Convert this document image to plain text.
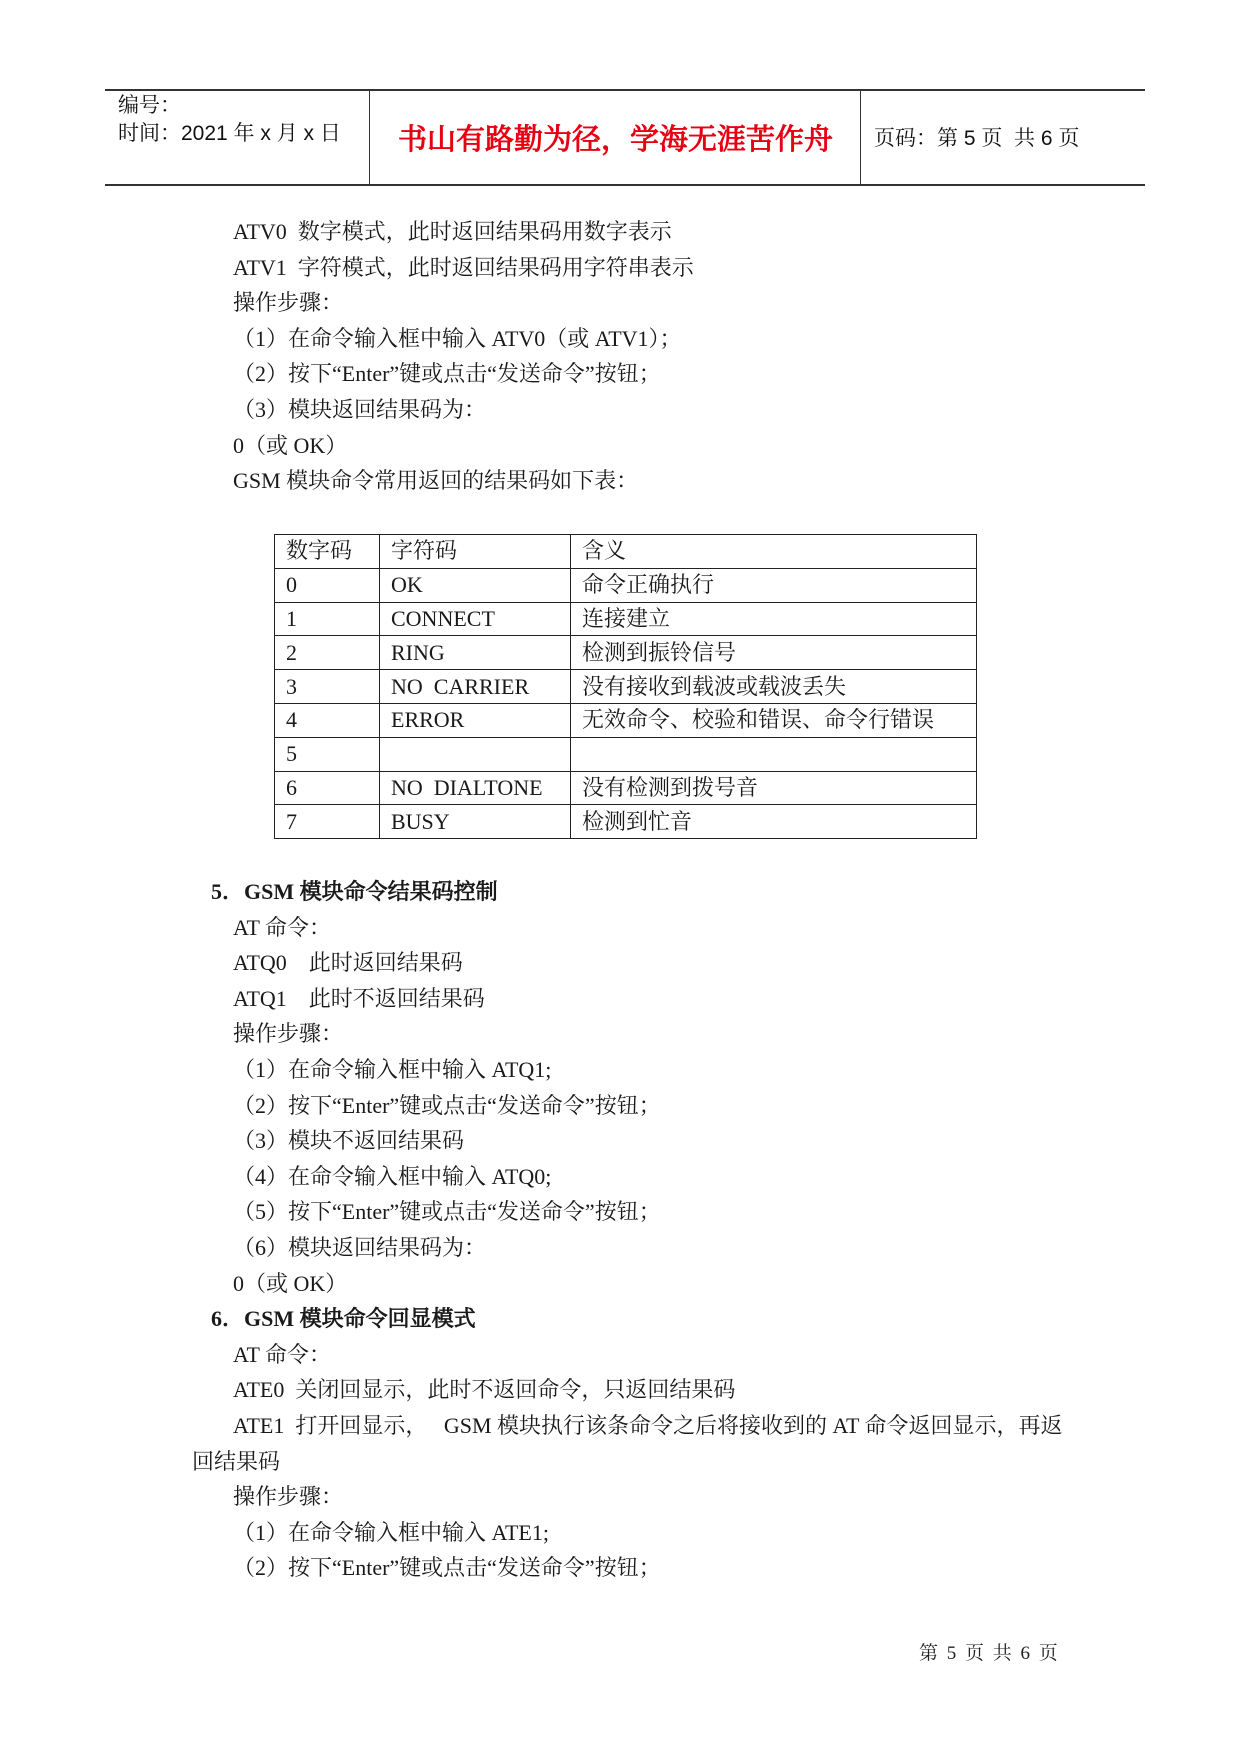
编号：
时间：2021 年 x 月 x 日	书山有路勤为径，学海无涯苦作舟	页码：第 5 页  共 6 页
ATV0  数字模式，此时返回结果码用数字表示
ATV1  字符模式，此时返回结果码用字符串表示
操作步骤：
（1）在命令输入框中输入 ATV0（或 ATV1）；
（2）按下“Enter”键或点击“发送命令”按钮；
（3）模块返回结果码为：
0（或 OK）
GSM 模块命令常用返回的结果码如下表：
数字码	字符码	含义
0	OK	命令正确执行
1	CONNECT	连接建立
2	RING	检测到振铃信号
3	NO  CARRIER	没有接收到载波或载波丢失
4	ERROR	无效命令、校验和错误、命令行错误
5		
6	NO  DIALTONE	没有检测到拨号音
7	BUSY	检测到忙音
5．GSM 模块命令结果码控制
AT 命令：
ATQ0    此时返回结果码
ATQ1    此时不返回结果码
操作步骤：
（1）在命令输入框中输入 ATQ1;
（2）按下“Enter”键或点击“发送命令”按钮；
（3）模块不返回结果码
（4）在命令输入框中输入 ATQ0;
（5）按下“Enter”键或点击“发送命令”按钮；
（6）模块返回结果码为：
0（或 OK）
6．GSM 模块命令回显模式
AT 命令：
ATE0  关闭回显示，此时不返回命令，只返回结果码
ATE1  打开回显示，   GSM 模块执行该条命令之后将接收到的 AT 命令返回显示，再返
回结果码
操作步骤：
（1）在命令输入框中输入 ATE1;
（2）按下“Enter”键或点击“发送命令”按钮；
第 5 页 共 6 页
